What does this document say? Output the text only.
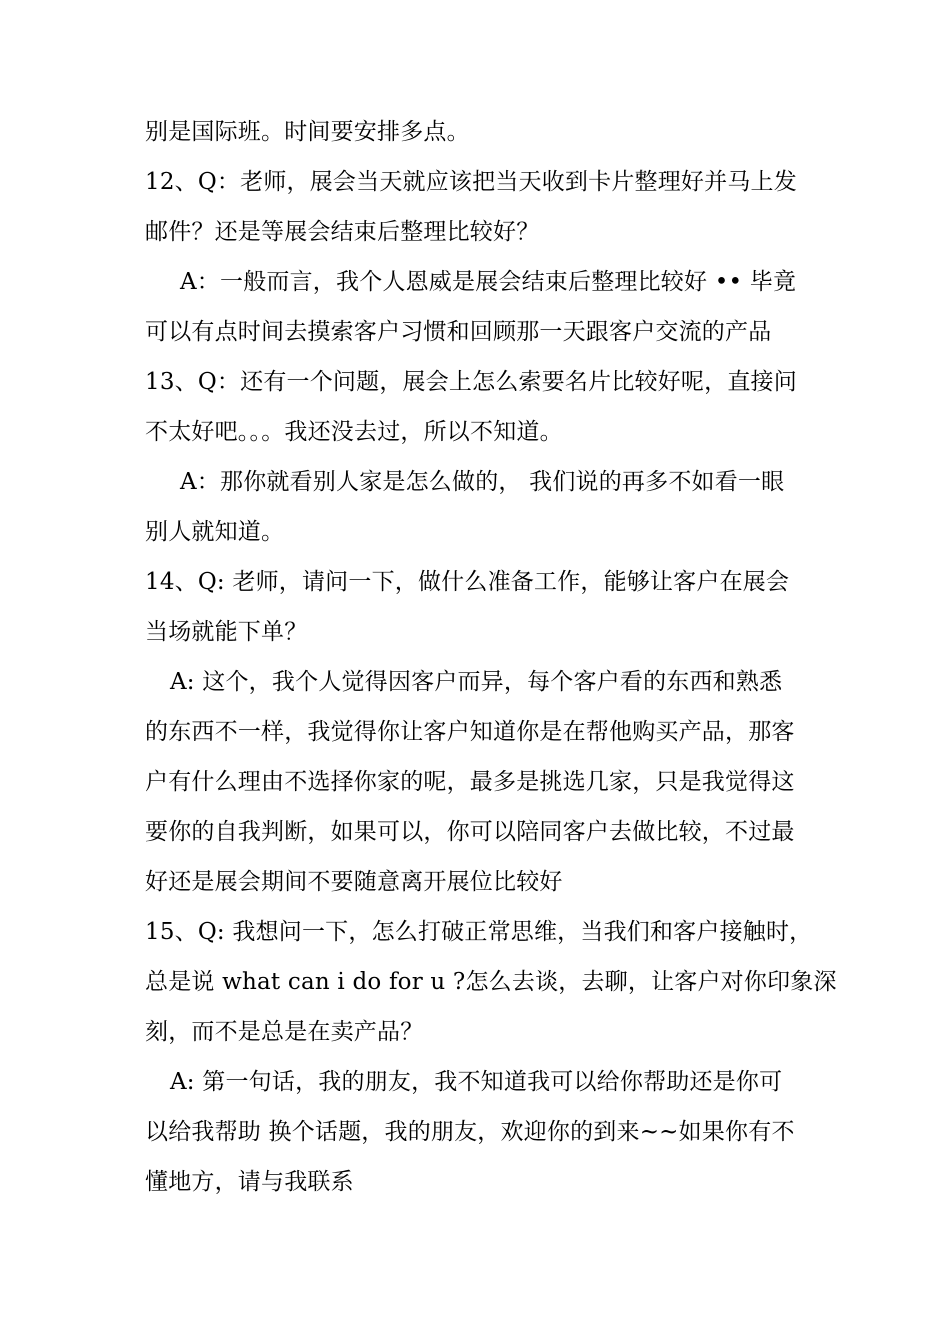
别是国际班。时间要安排多点。
12、Q：老师，展会当天就应该把当天收到卡片整理好并马上发
邮件？还是等展会结束后整理比较好？
A：一般而言，我个人恩威是展会结束后整理比较好 •• 毕竟
可以有点时间去摸索客户习惯和回顾那一天跟客户交流的产品
13、Q：还有一个问题，展会上怎么索要名片比较好呢，直接问
不太好吧。。。我还没去过，所以不知道。
A：那你就看别人家是怎么做的， 我们说的再多不如看一眼
别人就知道。
14、Q: 老师，请问一下，做什么准备工作，能够让客户在展会
当场就能下单？
A: 这个，我个人觉得因客户而异，每个客户看的东西和熟悉
的东西不一样，我觉得你让客户知道你是在帮他购买产品，那客
户有什么理由不选择你家的呢，最多是挑选几家，只是我觉得这
要你的自我判断，如果可以，你可以陪同客户去做比较，不过最
好还是展会期间不要随意离开展位比较好
15、Q: 我想问一下，怎么打破正常思维，当我们和客户接触时，
总是说 what can i do for u ?怎么去谈，去聊，让客户对你印象深
刻，而不是总是在卖产品？
A: 第一句话，我的朋友，我不知道我可以给你帮助还是你可
以给我帮助 换个话题，我的朋友，欢迎你的到来~~如果你有不
懂地方，请与我联系
